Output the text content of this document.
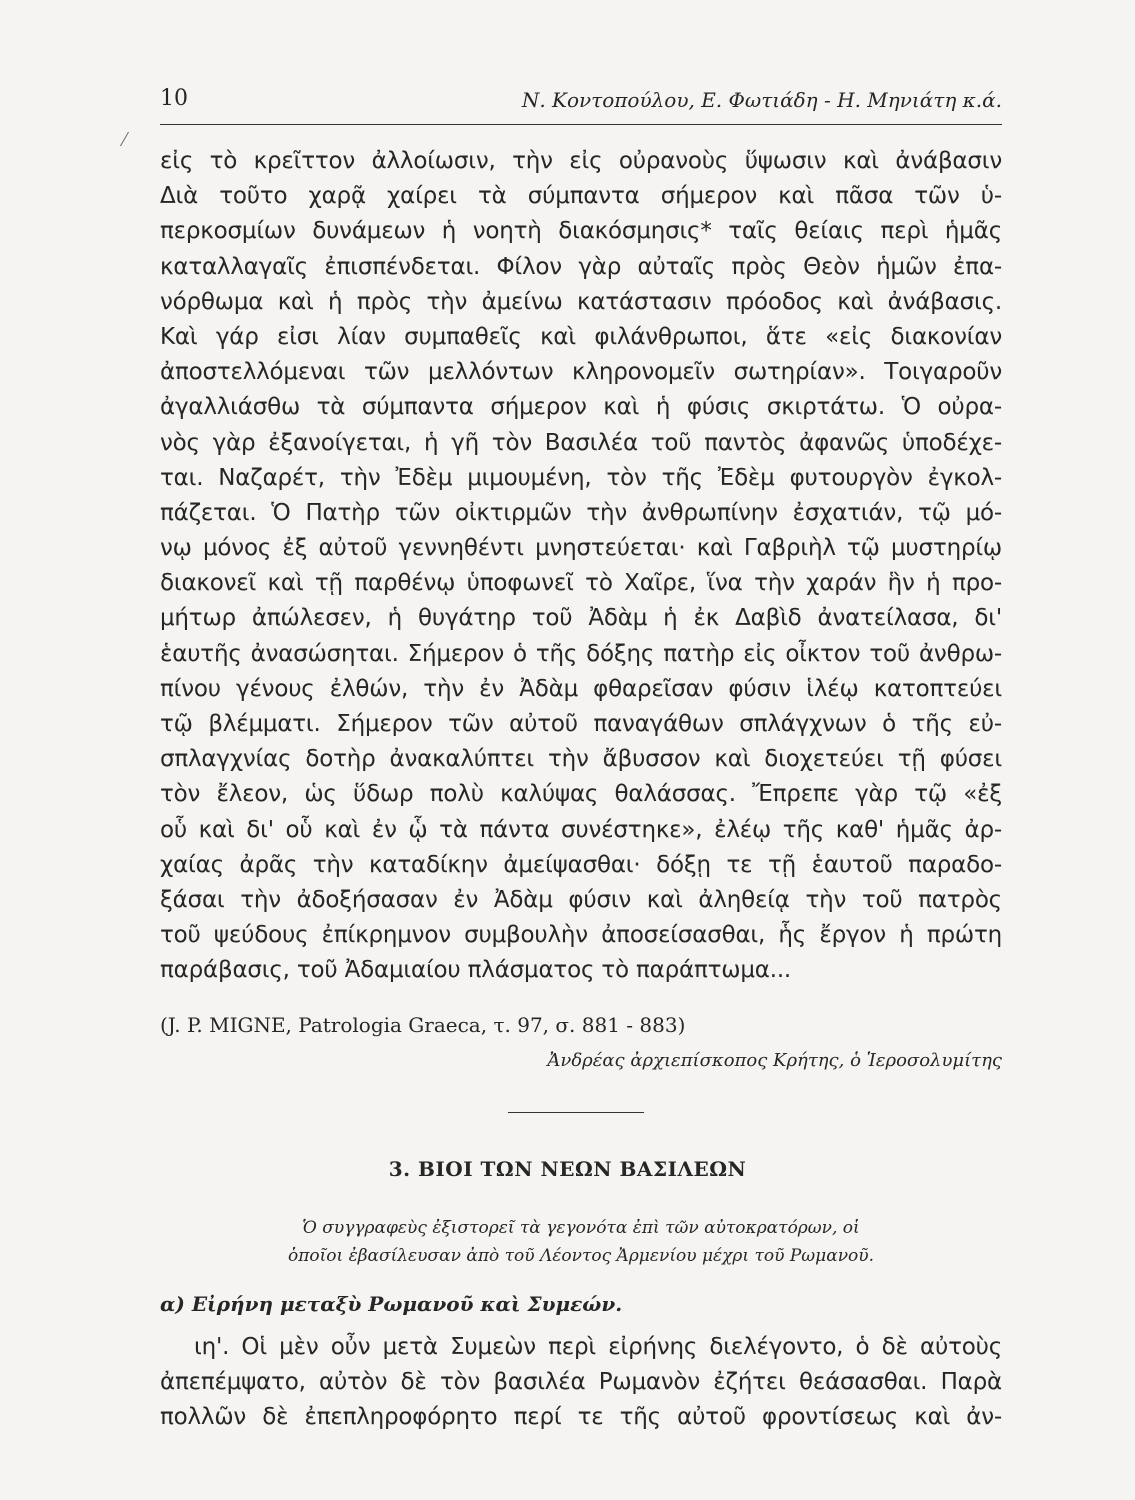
10	Ν. Κοντοπούλου, Ε. Φωτιάδη - Η. Μηνιάτη κ.ά.
εἰς τὸ κρεῖττον ἀλλοίωσιν, τὴν εἰς οὐρανοὺς ὕψωσιν καὶ ἀνάβασιν
Διὰ τοῦτο χαρᾷ χαίρει τὰ σύμπαντα σήμερον καὶ πᾶσα τῶν ὑ-
περκοσμίων δυνάμεων ἡ νοητὴ διακόσμησις* ταῖς θείαις περὶ ἡμᾶς
καταλλαγαῖς ἐπισπένδεται. Φίλον γὰρ αὐταῖς πρὸς Θεὸν ἡμῶν ἐπα-
νόρθωμα καὶ ἡ πρὸς τὴν ἀμείνω κατάστασιν πρόοδος καὶ ἀνάβασις.
Καὶ γάρ εἰσι λίαν συμπαθεῖς καὶ φιλάνθρωποι, ἅτε «εἰς διακονίαν
ἀποστελλόμεναι τῶν μελλόντων κληρονομεῖν σωτηρίαν». Τοιγαροῦν
ἀγαλλιάσθω τὰ σύμπαντα σήμερον καὶ ἡ φύσις σκιρτάτω. Ὁ οὐρα-
νὸς γὰρ ἐξανοίγεται, ἡ γῆ τὸν Βασιλέα τοῦ παντὸς ἀφανῶς ὑποδέχε-
ται. Ναζαρέτ, τὴν Ἐδὲμ μιμουμένη, τὸν τῆς Ἐδὲμ φυτουργὸν ἐγκολ-
πάζεται. Ὁ Πατὴρ τῶν οἰκτιρμῶν τὴν ἀνθρωπίνην ἐσχατιάν, τῷ μό-
νῳ μόνος ἐξ αὐτοῦ γεννηθέντι μνηστεύεται· καὶ Γαβριὴλ τῷ μυστηρίῳ
διακονεῖ καὶ τῇ παρθένῳ ὑποφωνεῖ τὸ Χαῖρε, ἵνα τὴν χαράν ἣν ἡ προ-
μήτωρ ἀπώλεσεν, ἡ θυγάτηρ τοῦ Ἀδὰμ ἡ ἐκ Δαβὶδ ἀνατείλασα, δι'
ἑαυτῆς ἀνασώσηται. Σήμερον ὁ τῆς δόξης πατὴρ εἰς οἶκτον τοῦ ἀνθρω-
πίνου γένους ἐλθών, τὴν ἐν Ἀδὰμ φθαρεῖσαν φύσιν ἱλέῳ κατοπτεύει
τῷ βλέμματι. Σήμερον τῶν αὐτοῦ παναγάθων σπλάγχνων ὁ τῆς εὐ-
σπλαγχνίας δοτὴρ ἀνακαλύπτει τὴν ἄβυσσον καὶ διοχετεύει τῇ φύσει
τὸν ἔλεον, ὡς ὕδωρ πολὺ καλύψας θαλάσσας. Ἔπρεπε γὰρ τῷ «ἐξ
οὗ καὶ δι' οὗ καὶ ἐν ᾧ τὰ πάντα συνέστηκε», ἐλέῳ τῆς καθ' ἡμᾶς ἀρ-
χαίας ἀρᾶς τὴν καταδίκην ἀμείψασθαι· δόξῃ τε τῇ ἑαυτοῦ παραδο-
ξάσαι τὴν ἀδοξήσασαν ἐν Ἀδὰμ φύσιν καὶ ἀληθείᾳ τὴν τοῦ πατρὸς
τοῦ ψεύδους ἐπίκρημνον συμβουλὴν ἀποσείσασθαι, ἧς ἔργον ἡ πρώτη
παράβασις, τοῦ Ἀδαμιαίου πλάσματος τὸ παράπτωμα...
(J. P. MIGNE, Patrologia Graeca, τ. 97, σ. 881 - 883)
Ἀνδρέας ἀρχιεπίσκοπος Κρήτης, ὁ Ἱεροσολυμίτης
3. ΒΙΟΙ ΤΩΝ ΝΕΩΝ ΒΑΣΙΛΕΩΝ
Ὁ συγγραφεὺς ἐξιστορεῖ τὰ γεγονότα ἐπὶ τῶν αὐτοκρατόρων, οἱ
ὁποῖοι ἐβασίλευσαν ἀπὸ τοῦ Λέοντος Ἀρμενίου μέχρι τοῦ Ρωμανοῦ.
α) Εἰρήνη μεταξὺ Ρωμανοῦ καὶ Συμεών.
ιη'. Οἱ μὲν οὖν μετὰ Συμεὼν περὶ εἰρήνης διελέγοντο, ὁ δὲ αὐτοὺς
ἀπεπέμψατο, αὐτὸν δὲ τὸν βασιλέα Ρωμανὸν ἐζήτει θεάσασθαι. Παρὰ
πολλῶν δὲ ἐπεπληροφόρητο περί τε τῆς αὐτοῦ φροντίσεως καὶ ἀν-
